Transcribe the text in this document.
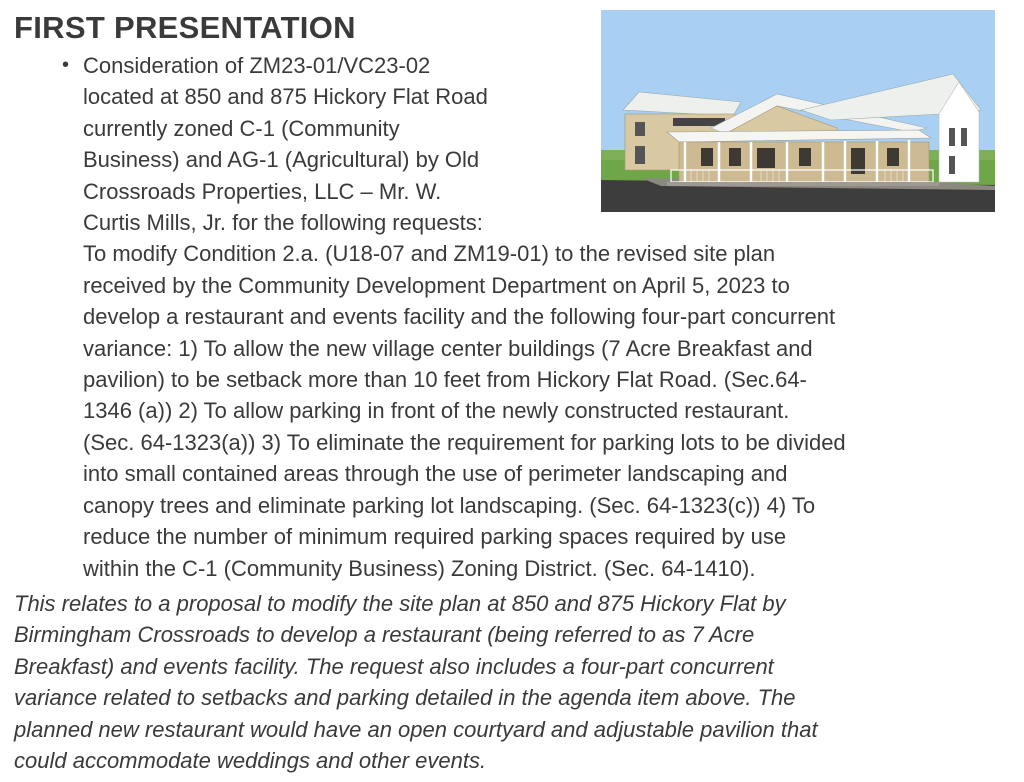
FIRST PRESENTATION
• Consideration of ZM23-01/VC23-02
located at 850 and 875 Hickory Flat Road
currently zoned C-1 (Community
Business) and AG-1 (Agricultural) by Old
Crossroads Properties, LLC – Mr. W.
Curtis Mills, Jr. for the following requests:
To modify Condition 2.a. (U18-07 and ZM19-01) to the revised site plan
received by the Community Development Department on April 5, 2023 to
develop a restaurant and events facility and the following four-part concurrent
variance: 1) To allow the new village center buildings (7 Acre Breakfast and
pavilion) to be setback more than 10 feet from Hickory Flat Road. (Sec.64-
1346 (a)) 2) To allow parking in front of the newly constructed restaurant.
(Sec. 64-1323(a)) 3) To eliminate the requirement for parking lots to be divided
into small contained areas through the use of perimeter landscaping and
canopy trees and eliminate parking lot landscaping. (Sec. 64-1323(c)) 4) To
reduce the number of minimum required parking spaces required by use
within the C-1 (Community Business) Zoning District. (Sec. 64-1410).

This relates to a proposal to modify the site plan at 850 and 875 Hickory Flat by
Birmingham Crossroads to develop a restaurant (being referred to as 7 Acre
Breakfast) and events facility. The request also includes a four-part concurrent
variance related to setbacks and parking detailed in the agenda item above. The
planned new restaurant would have an open courtyard and adjustable pavilion that
could accommodate weddings and other events.
